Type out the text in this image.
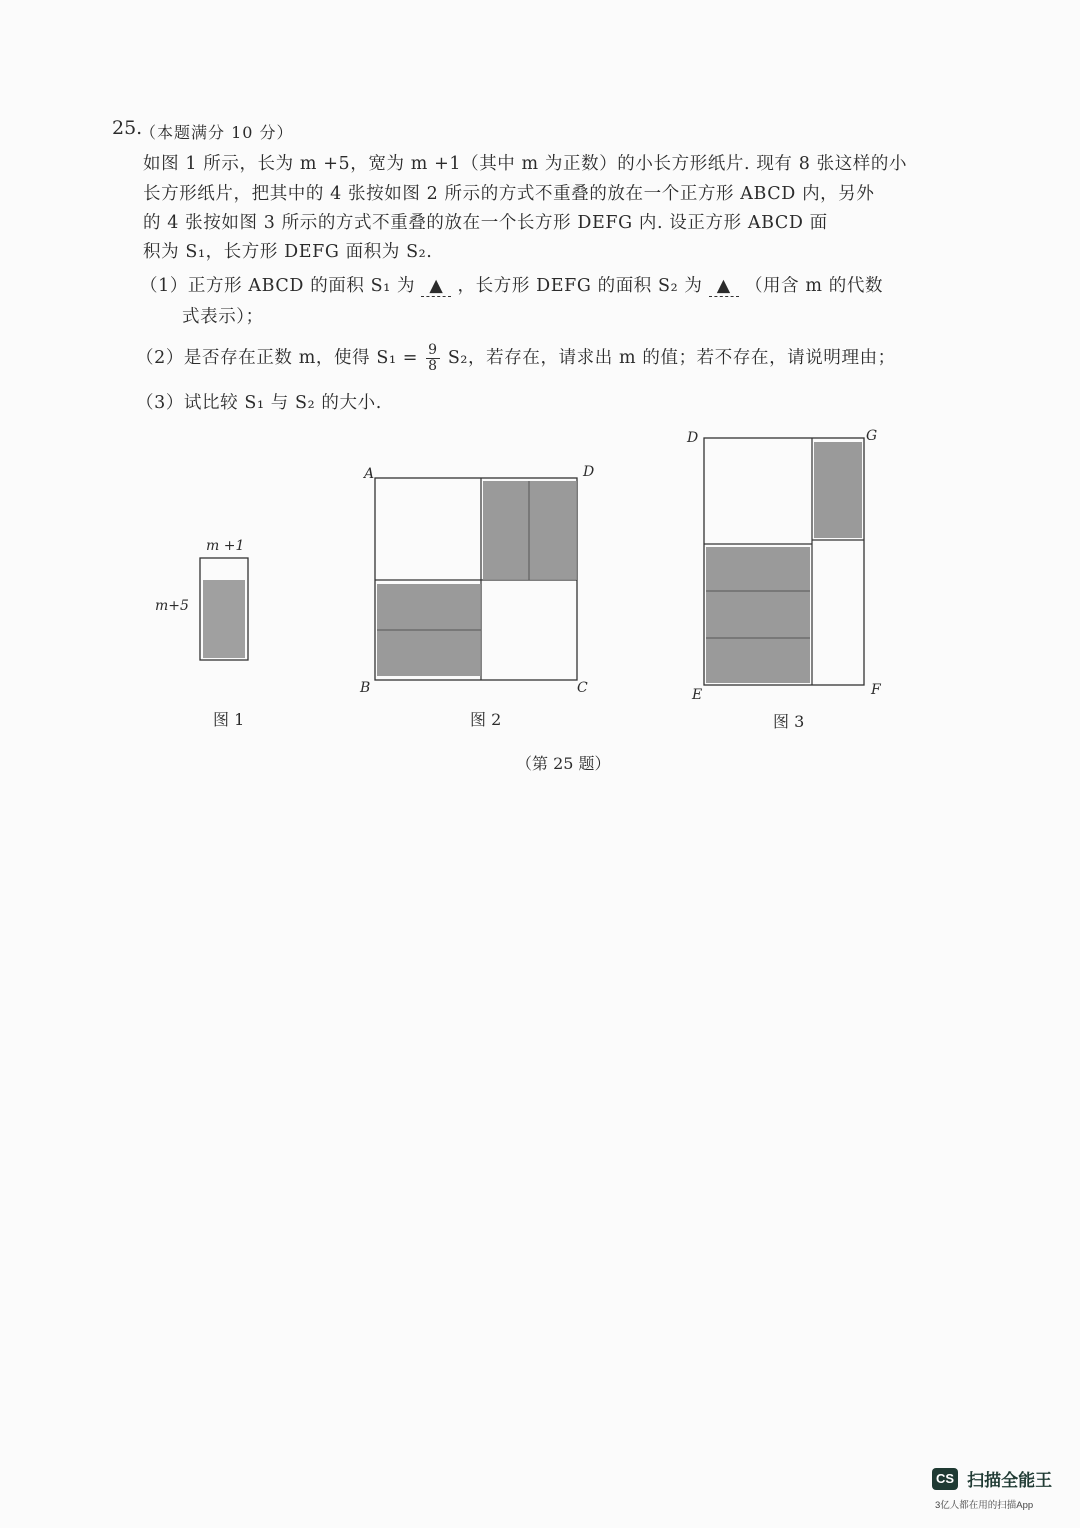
25.
（本题满分 10 分）
如图 1 所示，长为 m +5，宽为 m +1（其中 m 为正数）的小长方形纸片. 现有 8 张这样的小
长方形纸片，把其中的 4 张按如图 2 所示的方式不重叠的放在一个正方形 ABCD 内，另外
的 4 张按如图 3 所示的方式不重叠的放在一个长方形 DEFG 内. 设正方形 ABCD 面
积为 S₁，长方形 DEFG 面积为 S₂.
（1）正方形 ABCD 的面积 S₁ 为 ▲ ，长方形 DEFG 的面积 S₂ 为 ▲ （用含 m 的代数
式表示）；
（2）是否存在正数 m，使得 $S_1 = \frac{9}{8} S_2$，若存在，请求出 m 的值；若不存在，请说明理由；
（3）试比较 S₁ 与 S₂ 的大小.
m +1
m+5
A	D
B	C
D	G
E	F
图 1	图 2	图 3
（第 25 题）
CS 扫描全能王
3亿人都在用的扫描App
